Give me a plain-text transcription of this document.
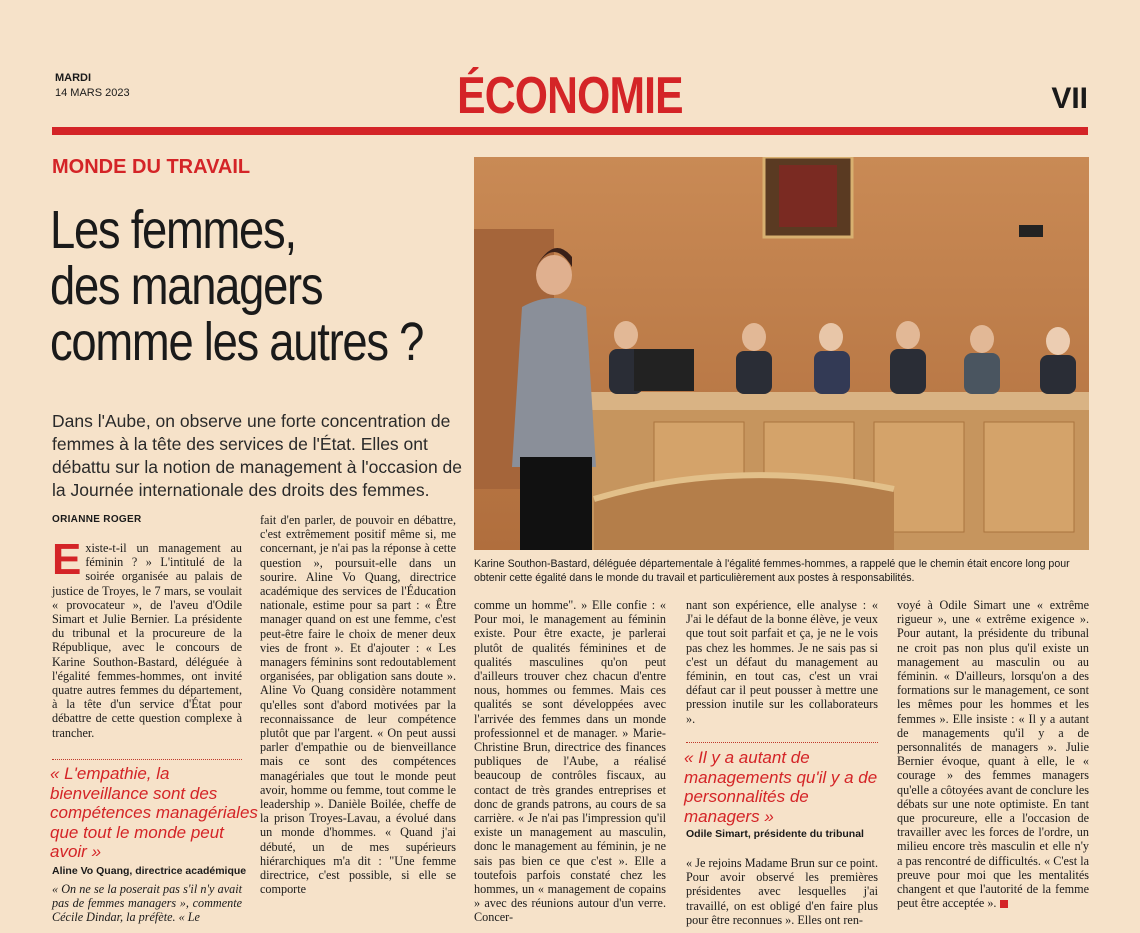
MARDI
14 MARS 2023	ÉCONOMIE	VII
MONDE DU TRAVAIL
Les femmes,
des managers
comme les autres ?
Dans l'Aube, on observe une forte concentration de femmes à la tête des services de l'État. Elles ont débattu sur la notion de management à l'occasion de la Journée internationale des droits des femmes.
ORIANNE ROGER
Karine Southon-Bastard, déléguée départementale à l'égalité femmes-hommes, a rappelé que le chemin était encore long pour obtenir cette égalité dans le monde du travail et particulièrement aux postes à responsabilités.

Existe-t-il un management au féminin ? » L'intitulé de la soirée organisée au palais de justice de Troyes, le 7 mars, se voulait « provocateur », de l'aveu d'Odile Simart et Julie Bernier. La présidente du tribunal et la procureure de la République, avec le concours de Karine Southon-Bastard, déléguée à l'égalité femmes-hommes, ont invité quatre autres femmes du département, à la tête d'un service d'État pour débattre de cette question complexe à trancher.

« L'empathie, la bienveillance sont des compétences managériales que tout le monde peut avoir »
Aline Vo Quang, directrice académique

« On ne se la poserait pas s'il n'y avait pas de femmes managers », commente Cécile Dindar, la préfète. « Le

fait d'en parler, de pouvoir en débattre, c'est extrêmement positif même si, me concernant, je n'ai pas la réponse à cette question », poursuit-elle dans un sourire. Aline Vo Quang, directrice académique des services de l'Éducation nationale, estime pour sa part : « Être manager quand on est une femme, c'est peut-être faire le choix de mener deux vies de front ». Et d'ajouter : « Les managers féminins sont redoutablement organisées, par obligation sans doute ». Aline Vo Quang considère notamment qu'elles sont d'abord motivées par la reconnaissance de leur compétence plutôt que par l'argent. « On peut aussi parler d'empathie ou de bienveillance mais ce sont des compétences managériales que tout le monde peut avoir, homme ou femme, tout comme le leadership ». Danièle Boilée, cheffe de la prison Troyes-Lavau, a évolué dans un monde d'hommes. « Quand j'ai débuté, un de mes supérieurs hiérarchiques m'a dit : "Une femme directrice, c'est possible, si elle se comporte

comme un homme". » Elle confie : « Pour moi, le management au féminin existe. Pour être exacte, je parlerai plutôt de qualités féminines et de qualités masculines qu'on peut d'ailleurs trouver chez chacun d'entre nous, hommes ou femmes. Mais ces qualités se sont développées avec l'arrivée des femmes dans un monde professionnel et de manager. » Marie-Christine Brun, directrice des finances publiques de l'Aube, a réalisé beaucoup de contrôles fiscaux, au contact de très grandes entreprises et donc de grands patrons, au cours de sa carrière. « Je n'ai pas l'impression qu'il existe un management au masculin, donc le management au féminin, je ne sais pas bien ce que c'est ». Elle a toutefois parfois constaté chez les hommes, un « management de copains » avec des réunions autour d'un verre. Concer-

nant son expérience, elle analyse : « J'ai le défaut de la bonne élève, je veux que tout soit parfait et ça, je ne le vois pas chez les hommes. Je ne sais pas si c'est un défaut du management au féminin, en tout cas, c'est un vrai défaut car il peut pousser à mettre une pression inutile sur les collaborateurs ».

« Il y a autant de managements qu'il y a de personnalités de managers »
Odile Simart, présidente du tribunal

« Je rejoins Madame Brun sur ce point. Pour avoir observé les premières présidentes avec lesquelles j'ai travaillé, on est obligé d'en faire plus pour être reconnues ». Elles ont ren-

voyé à Odile Simart une « extrême rigueur », une « extrême exigence ». Pour autant, la présidente du tribunal ne croit pas non plus qu'il existe un management au masculin ou au féminin. « D'ailleurs, lorsqu'on a des formations sur le management, ce sont les mêmes pour les hommes et les femmes ». Elle insiste : « Il y a autant de managements qu'il y a de personnalités de managers ». Julie Bernier évoque, quant à elle, le « courage » des femmes managers qu'elle a côtoyées avant de conclure les débats sur une note optimiste. En tant que procureure, elle a l'occasion de travailler avec les forces de l'ordre, un milieu encore très masculin et elle n'y a pas rencontré de difficultés. « C'est la preuve pour moi que les mentalités changent et que l'autorité de la femme peut être acceptée ».
